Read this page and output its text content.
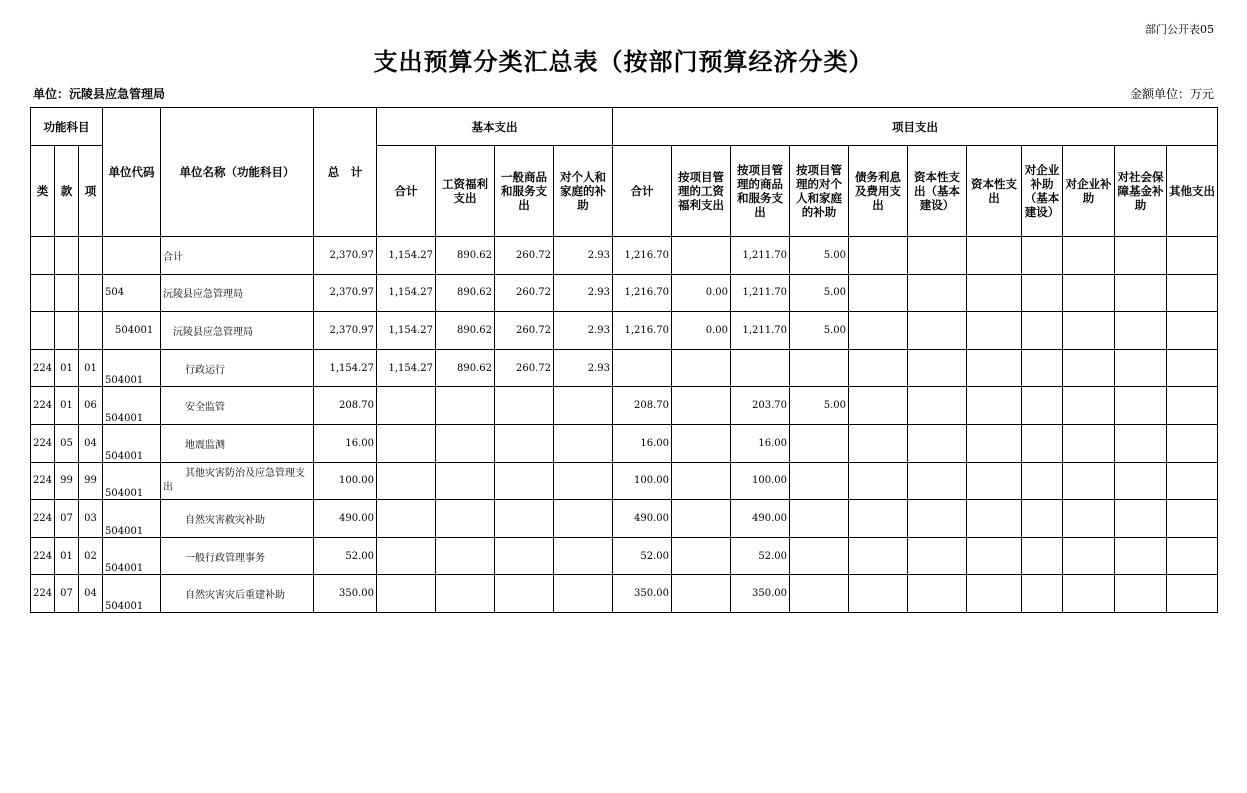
部门公开表05
支出预算分类汇总表（按部门预算经济分类）
单位：沅陵县应急管理局	金额单位：万元
功能科目			单位代码	单位名称（功能科目）	总　计	基本支出				项目支出										
类	款	项				合计	工资福利支出	一般商品和服务支出	对个人和家庭的补助	合计	按项目管理的工资福利支出	按项目管理的商品和服务支出	按项目管理的对个人和家庭的补助	债务利息及费用支出	资本性支出（基本建设）	资本性支出	对企业补助（基本建设）	对企业补助	对社会保障基金补助	其他支出
				合计	2,370.97	1,154.27	890.62	260.72	2.93	1,216.70		1,211.70	5.00							
			504	沅陵县应急管理局	2,370.97	1,154.27	890.62	260.72	2.93	1,216.70	0.00	1,211.70	5.00							
			504001	沅陵县应急管理局	2,370.97	1,154.27	890.62	260.72	2.93	1,216.70	0.00	1,211.70	5.00							
224	01	01	504001	行政运行	1,154.27	1,154.27	890.62	260.72	2.93											
224	01	06	504001	安全监管	208.70					208.70		203.70	5.00							
224	05	04	504001	地震监测	16.00					16.00		16.00								
224	99	99	504001	其他灾害防治及应急管理支出	100.00					100.00		100.00								
224	07	03	504001	自然灾害救灾补助	490.00					490.00		490.00								
224	01	02	504001	一般行政管理事务	52.00					52.00		52.00								
224	07	04	504001	自然灾害灾后重建补助	350.00					350.00		350.00								
